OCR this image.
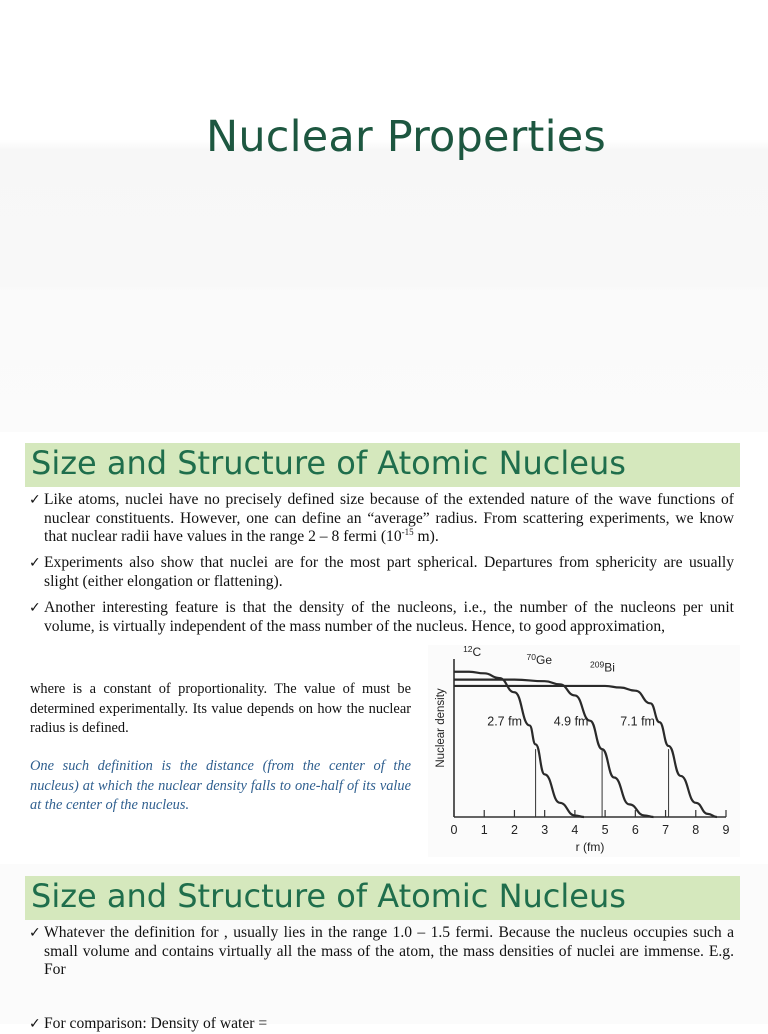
Nuclear Properties
Size and Structure of Atomic Nucleus
✓ Like atoms, nuclei have no precisely defined size because of the extended nature of the wave functions of nuclear constituents. However, one can define an “average” radius. From scattering experiments, we know that nuclear radii have values in the range 2 – 8 fermi ($10^{-15}$ m).
✓ Experiments also show that nuclei are for the most part spherical. Departures from sphericity are usually slight (either elongation or flattening).
✓ Another interesting feature is that the density of the nucleons, i.e., the number of the nucleons per unit volume, is virtually independent of the mass number of the nucleus. Hence, to good approximation,
where is a constant of proportionality. The value of must be determined experimentally. Its value depends on how the nuclear radius is defined.
One such definition is the distance (from the center of the nucleus) at which the nuclear density falls to one-half of its value at the center of the nucleus.
0 1 2 3 4 5 6 7 8 9
r (fm)
Nuclear density	2.7 fm
$^{12}$C
4.9 fm
$^{70}$Ge
7.1 fm
$^{209}$Bi
Size and Structure of Atomic Nucleus
✓ Whatever the definition for , usually lies in the range 1.0 – 1.5 fermi. Because the nucleus occupies such a small volume and contains virtually all the mass of the atom, the mass densities of nuclei are immense. E.g. For
✓ For comparison: Density of water =
